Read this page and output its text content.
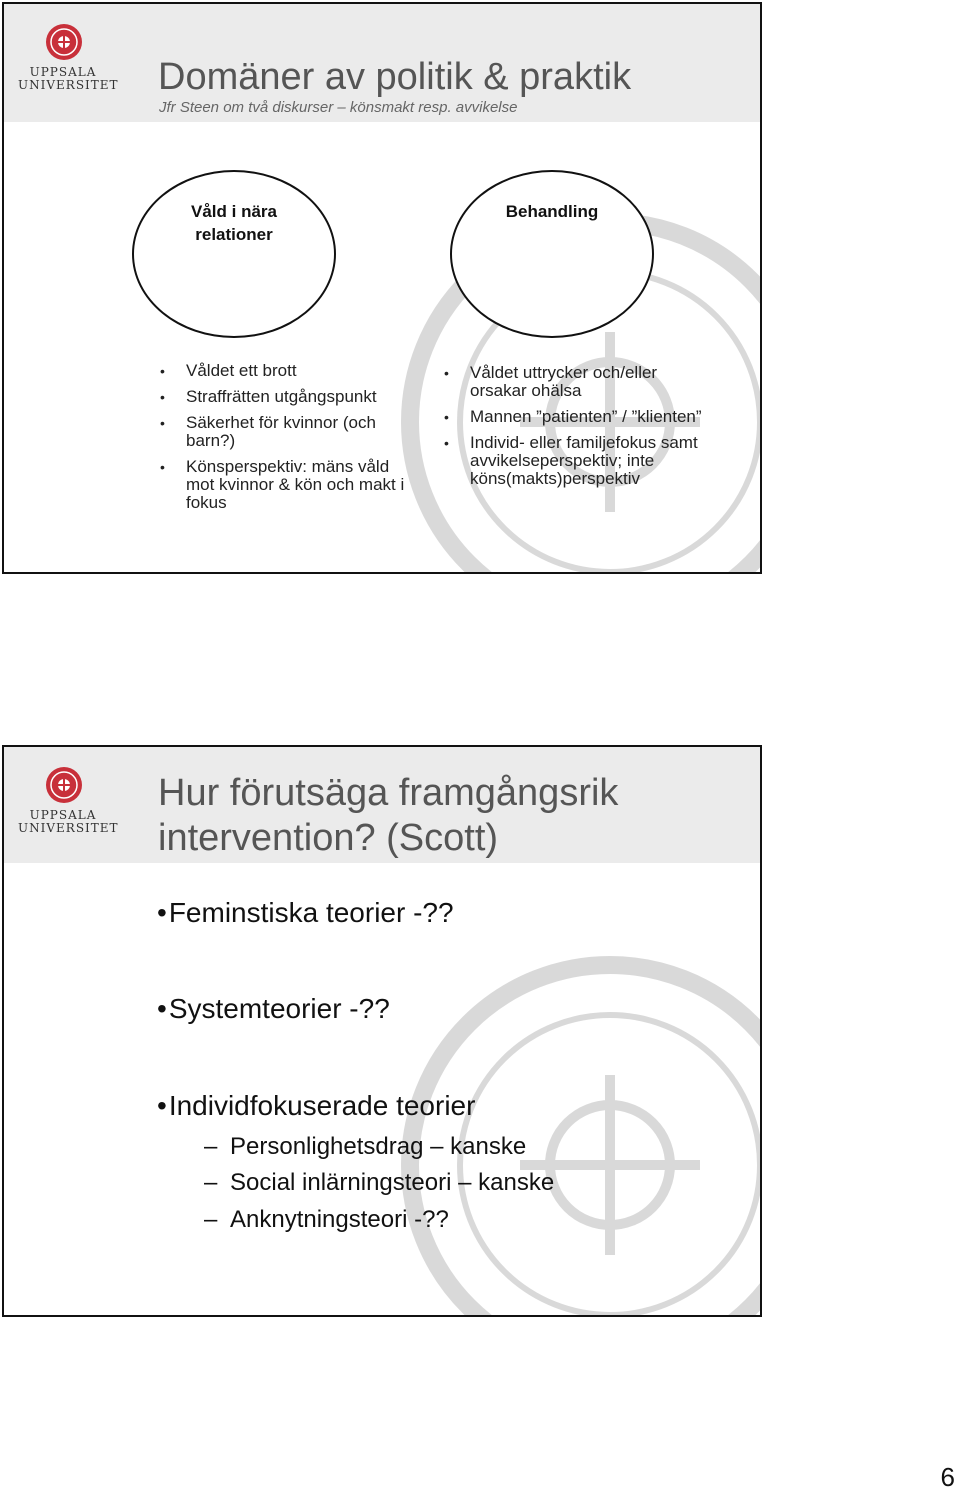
UPPSALA
UNIVERSITET Domäner av politik & praktik
Jfr Steen om två diskurser – könsmakt resp. avvikelse
Våld i nära
relationer
Behandling
• Våldet ett brott
• Straffrätten utgångspunkt
• Säkerhet för kvinnor (och barn?)
• Könsperspektiv: mäns våld mot kvinnor & kön och makt i fokus
• Våldet uttrycker och/eller orsakar ohälsa
• Mannen ”patienten” / ”klienten”
• Individ- eller familjefokus samt avvikelseperspektiv; inte köns(makts)perspektiv
UPPSALA
UNIVERSITET
Hur förutsäga framgångsrik intervention? (Scott)
•Feminstiska teorier -??
•Systemteorier -??
•Individfokuserade teorier
– Personlighetsdrag – kanske
– Social inlärningsteori – kanske
– Anknytningsteori -??
6
